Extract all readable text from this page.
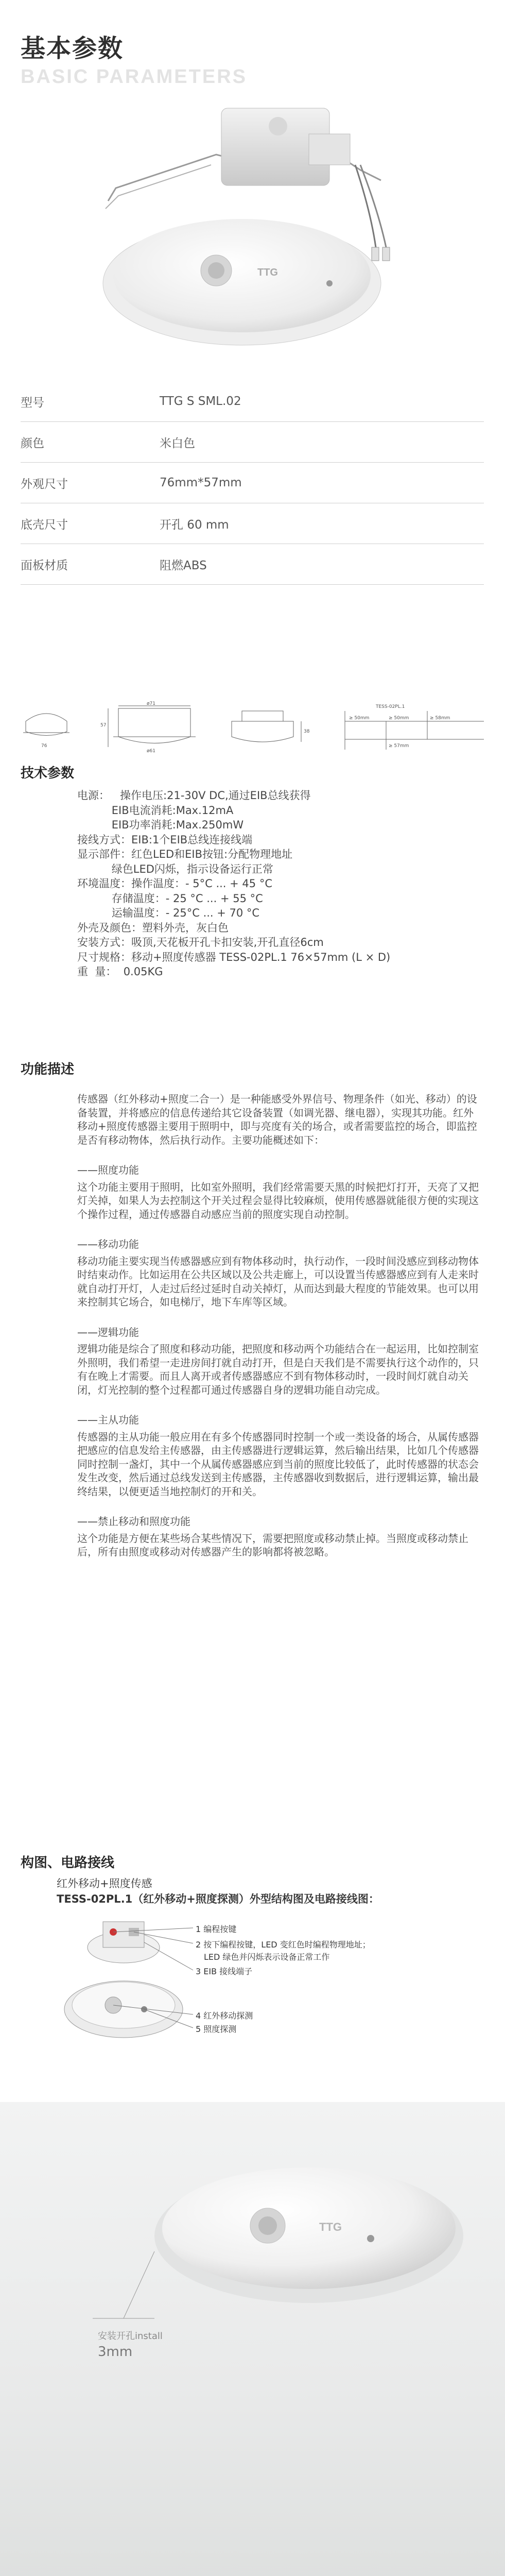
基本参数
BASIC PARAMETERS
TTG
型号	TTG S SML.02
颜色	米白色
外观尺寸	76mm*57mm
底壳尺寸	开孔 60 mm
面板材质	阻燃ABS
76
ø71
ø61
57
38
TESS-02PL.1
≥ 50mm	≥ 50mm	≥ 58mm
≥ 57mm
技术参数
电源：   操作电压:21-30V DC,通过EIB总线获得
EIB电流消耗:Max.12mA
EIB功率消耗:Max.250mW
接线方式：EIB:1个EIB总线连接线端
显示部件：红色LED和EIB按钮:分配物理地址
绿色LED闪烁，指示设备运行正常
环境温度：操作温度：- 5°C ... + 45 °C
存储温度：- 25 °C ... + 55 °C
运输温度：- 25°C ... + 70 °C
外壳及颜色：塑料外壳，灰白色
安装方式：吸顶,天花板开孔卡扣安装,开孔直径6cm
尺寸规格：移动+照度传感器 TESS-02PL.1 76×57mm (L × D)
重  量：  0.05KG
功能描述

传感器（红外移动+照度二合一）是一种能感受外界信号、物理条件（如光、移动）的设备装置，并将感应的信息传递给其它设备装置（如调光器、继电器），实现其功能。红外移动+照度传感器主要用于照明中，即与亮度有关的场合，或者需要监控的场合，即监控是否有移动物体，然后执行动作。主要功能概述如下：

——照度功能

这个功能主要用于照明，比如室外照明，我们经常需要天黑的时候把灯打开，天亮了又把灯关掉，如果人为去控制这个开关过程会显得比较麻烦，使用传感器就能很方便的实现这个操作过程，通过传感器自动感应当前的照度实现自动控制。

——移动功能

移动功能主要实现当传感器感应到有物体移动时，执行动作，一段时间没感应到移动物体时结束动作。比如运用在公共区域以及公共走廊上，可以设置当传感器感应到有人走来时就自动打开灯，人走过后经过延时自动关掉灯，从而达到最大程度的节能效果。也可以用来控制其它场合，如电梯厅，地下车库等区域。

——逻辑功能

逻辑功能是综合了照度和移动功能，把照度和移动两个功能结合在一起运用，比如控制室外照明，我们希望一走进房间打就自动打开，但是白天我们是不需要执行这个动作的，只有在晚上才需要。而且人离开或者传感器感应不到有物体移动时，一段时间灯就自动关闭，灯光控制的整个过程都可通过传感器自身的逻辑功能自动完成。

——主从功能

传感器的主从功能一般应用在有多个传感器同时控制一个或一类设备的场合，从属传感器把感应的信息发给主传感器，由主传感器进行逻辑运算，然后输出结果，比如几个传感器同时控制一盏灯，其中一个从属传感器感应到当前的照度比较低了，此时传感器的状态会发生改变，然后通过总线发送到主传感器，主传感器收到数据后，进行逻辑运算，输出最终结果，以便更适当地控制灯的开和关。

——禁止移动和照度功能

这个功能是方便在某些场合某些情况下，需要把照度或移动禁止掉。当照度或移动禁止后，所有由照度或移动对传感器产生的影响都将被忽略。

构图、电路接线
红外移动+照度传感
TESS-02PL.1（红外移动+照度探测）外型结构图及电路接线图：
1 编程按键
2 按下编程按键，LED 变红色时编程物理地址；
LED 绿色并闪烁表示设备正常工作
3 EIB 接线端子
4 红外移动探测
5 照度探测
TTG
安装开孔install
3mm
